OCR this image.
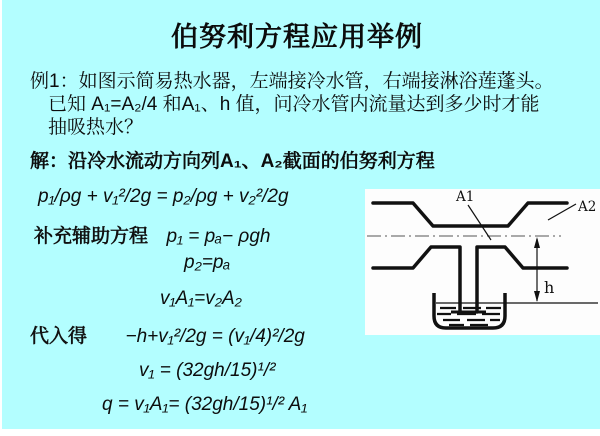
伯努利方程应用举例
例1：如图示简易热水器，左端接冷水管，右端接淋浴莲蓬头。
已知 A₁=A₂/4 和A₁、h 值，问冷水管内流量达到多少时才能
抽吸热水？
解：沿冷水流动方向列A₁、A₂截面的伯努利方程
p₁/ρg + v₁²/2g = p₂/ρg + v₂²/2g
补充辅助方程 p₁ = pₐ− ρgh
p₂=pₐ
v₁A₁=v₂A₂
代入得 −h+v₁²/2g = (v₁/4)²/2g
v₁ = (32gh/15)¹/²
q = v₁A₁= (32gh/15)¹/² A₁
h
A1
A2
